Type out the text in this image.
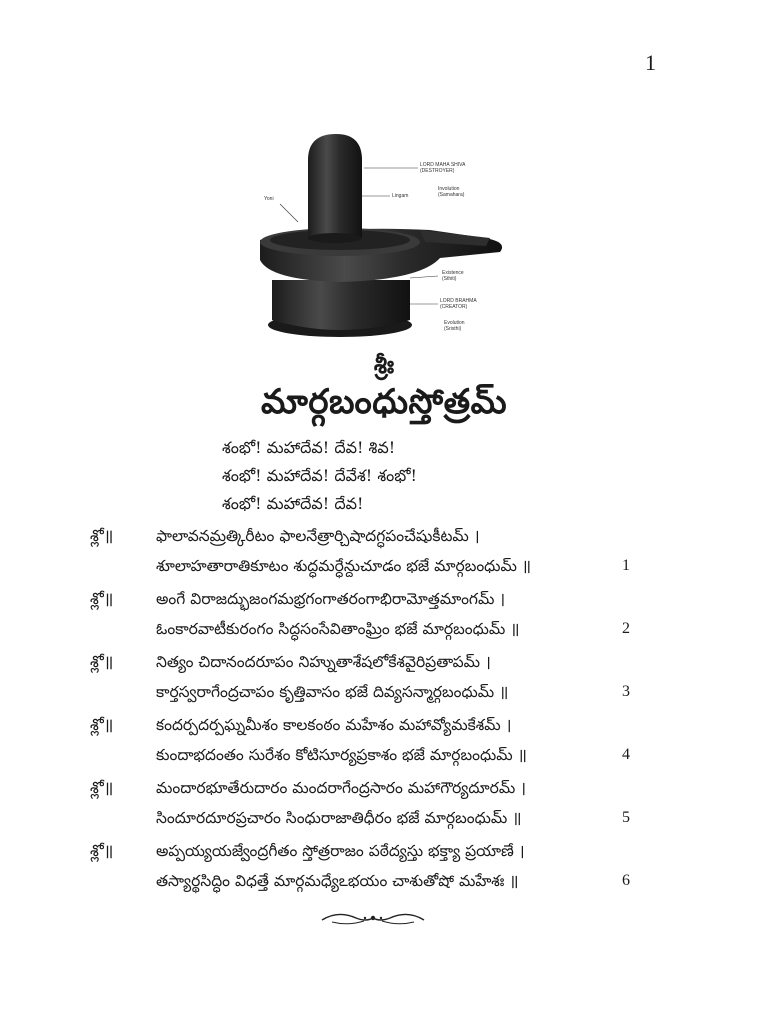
1
LORD MAHA SHIVA
(DESTROYER)
Yoni	Lingam
Involution
(Samahara)
Existence
(Sthiti)
LORD BRAHMA
(CREATOR)
Evolution
(Sristhi)
శ్రీః
మార్గబంధుస్తోత్రమ్
శంభో! మహాదేవ! దేవ! శివ!
శంభో! మహాదేవ! దేవేశ! శంభో!
శంభో! మహాదేవ! దేవ!
శ్లో॥	ఫాలావనమ్రత్కిరీటం ఫాలనేత్రార్చిషాదగ్ధపంచేషుకీటమ్ ।
శూలాహతారాతికూటం శుద్ధమర్ధేన్దుచూడం భజే మార్గబంధుమ్ ॥	1
శ్లో॥	అంగే విరాజద్భుజంగమభ్రగంగాతరంగాభిరామోత్తమాంగమ్ ।
ఓంకారవాటీకురంగం సిద్ధసంసేవితాంఘ్రిం భజే మార్గబంధుమ్ ॥	2
శ్లో॥	నిత్యం చిదానందరూపం నిహ్నుతాశేషలోకేశవైరిప్రతాపమ్ ।
కార్తస్వరాగేంద్రచాపం కృత్తివాసం భజే దివ్యసన్మార్గబంధుమ్ ॥	3
శ్లో॥	కందర్పదర్పఘ్నమీశం కాలకంఠం మహేశం మహావ్యోమకేశమ్ ।
కుందాభదంతం సురేశం కోటిసూర్యప్రకాశం భజే మార్గబంధుమ్ ॥	4
శ్లో॥	మందారభూతేరుదారం మందరాగేంద్రసారం మహాగౌర్యదూరమ్ ।
సిందూరదూరప్రచారం సింధురాజాతిధీరం భజే మార్గబంధుమ్ ॥	5
శ్లో॥	అప్పయ్యయజ్వేంద్రగీతం స్తోత్రరాజం పఠేద్యస్తు భక్త్యా ప్రయాణే ।
తస్యార్థసిద్ధిం విధత్తే మార్గమధ్యేఽభయం చాశుతోషో మహేశః ॥	6
